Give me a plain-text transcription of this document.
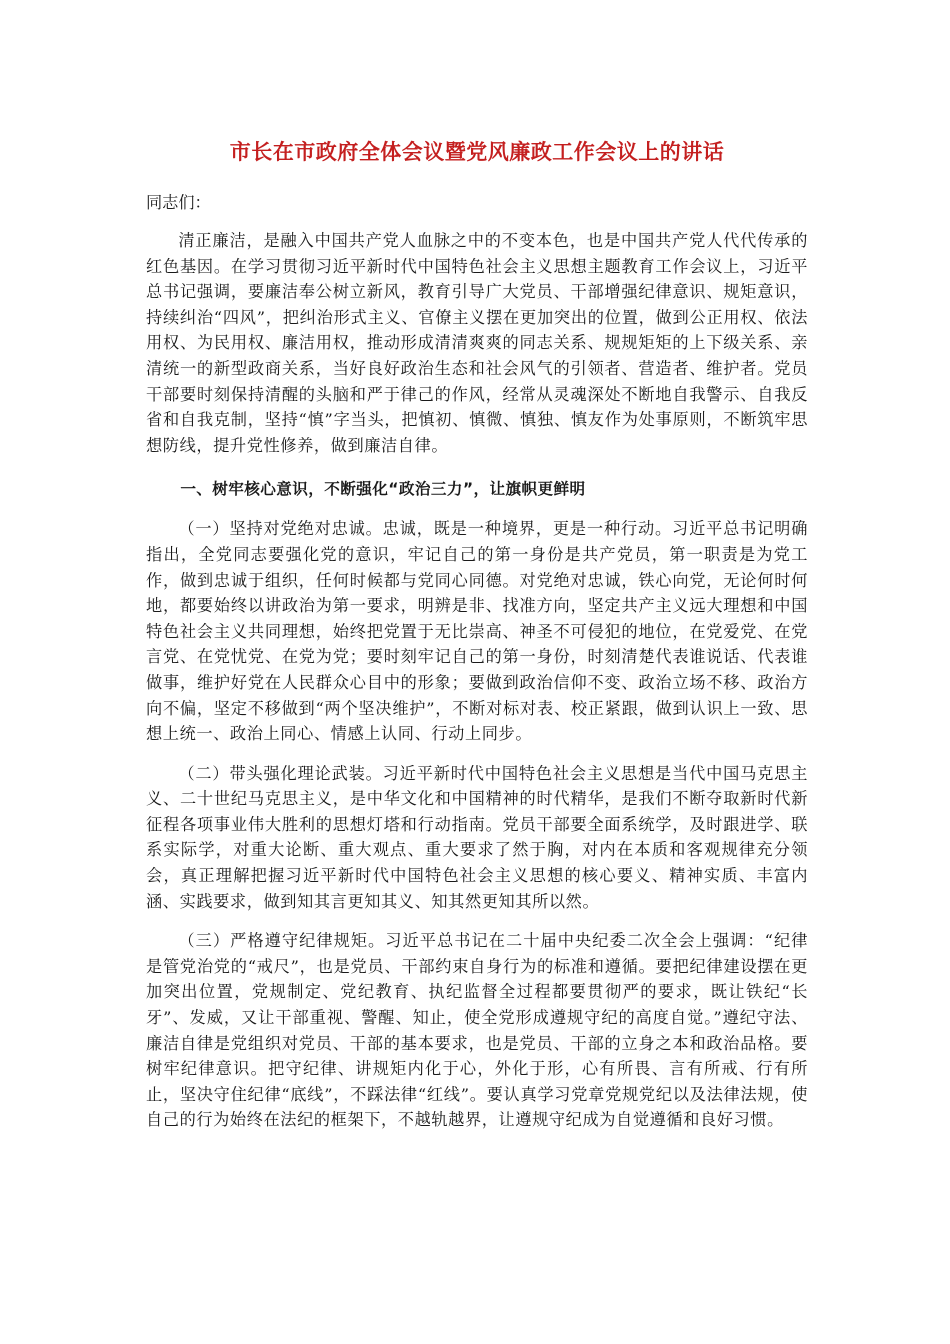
市长在市政府全体会议暨党风廉政工作会议上的讲话

同志们：

清正廉洁，是融入中国共产党人血脉之中的不变本色，也是中国共产党人代代传承的红色基因。在学习贯彻习近平新时代中国特色社会主义思想主题教育工作会议上，习近平总书记强调，要廉洁奉公树立新风，教育引导广大党员、干部增强纪律意识、规矩意识，持续纠治“四风”，把纠治形式主义、官僚主义摆在更加突出的位置，做到公正用权、依法用权、为民用权、廉洁用权，推动形成清清爽爽的同志关系、规规矩矩的上下级关系、亲清统一的新型政商关系，当好良好政治生态和社会风气的引领者、营造者、维护者。党员干部要时刻保持清醒的头脑和严于律己的作风，经常从灵魂深处不断地自我警示、自我反省和自我克制，坚持“慎”字当头，把慎初、慎微、慎独、慎友作为处事原则，不断筑牢思想防线，提升党性修养，做到廉洁自律。

一、树牢核心意识，不断强化“政治三力”，让旗帜更鲜明

（一）坚持对党绝对忠诚。忠诚，既是一种境界，更是一种行动。习近平总书记明确指出，全党同志要强化党的意识，牢记自己的第一身份是共产党员，第一职责是为党工作，做到忠诚于组织，任何时候都与党同心同德。对党绝对忠诚，铁心向党，无论何时何地，都要始终以讲政治为第一要求，明辨是非、找准方向，坚定共产主义远大理想和中国特色社会主义共同理想，始终把党置于无比崇高、神圣不可侵犯的地位，在党爱党、在党言党、在党忧党、在党为党；要时刻牢记自己的第一身份，时刻清楚代表谁说话、代表谁做事，维护好党在人民群众心目中的形象；要做到政治信仰不变、政治立场不移、政治方向不偏，坚定不移做到“两个坚决维护”，不断对标对表、校正紧跟，做到认识上一致、思想上统一、政治上同心、情感上认同、行动上同步。

（二）带头强化理论武装。习近平新时代中国特色社会主义思想是当代中国马克思主义、二十世纪马克思主义，是中华文化和中国精神的时代精华，是我们不断夺取新时代新征程各项事业伟大胜利的思想灯塔和行动指南。党员干部要全面系统学，及时跟进学、联系实际学，对重大论断、重大观点、重大要求了然于胸，对内在本质和客观规律充分领会，真正理解把握习近平新时代中国特色社会主义思想的核心要义、精神实质、丰富内涵、实践要求，做到知其言更知其义、知其然更知其所以然。

（三）严格遵守纪律规矩。习近平总书记在二十届中央纪委二次全会上强调：“纪律是管党治党的“戒尺”，也是党员、干部约束自身行为的标准和遵循。要把纪律建设摆在更加突出位置，党规制定、党纪教育、执纪监督全过程都要贯彻严的要求，既让铁纪“长牙”、发威，又让干部重视、警醒、知止，使全党形成遵规守纪的高度自觉。”遵纪守法、廉洁自律是党组织对党员、干部的基本要求，也是党员、干部的立身之本和政治品格。要树牢纪律意识。把守纪律、讲规矩内化于心，外化于形，心有所畏、言有所戒、行有所止，坚决守住纪律“底线”，不踩法律“红线”。要认真学习党章党规党纪以及法律法规，使自己的行为始终在法纪的框架下，不越轨越界，让遵规守纪成为自觉遵循和良好习惯。
